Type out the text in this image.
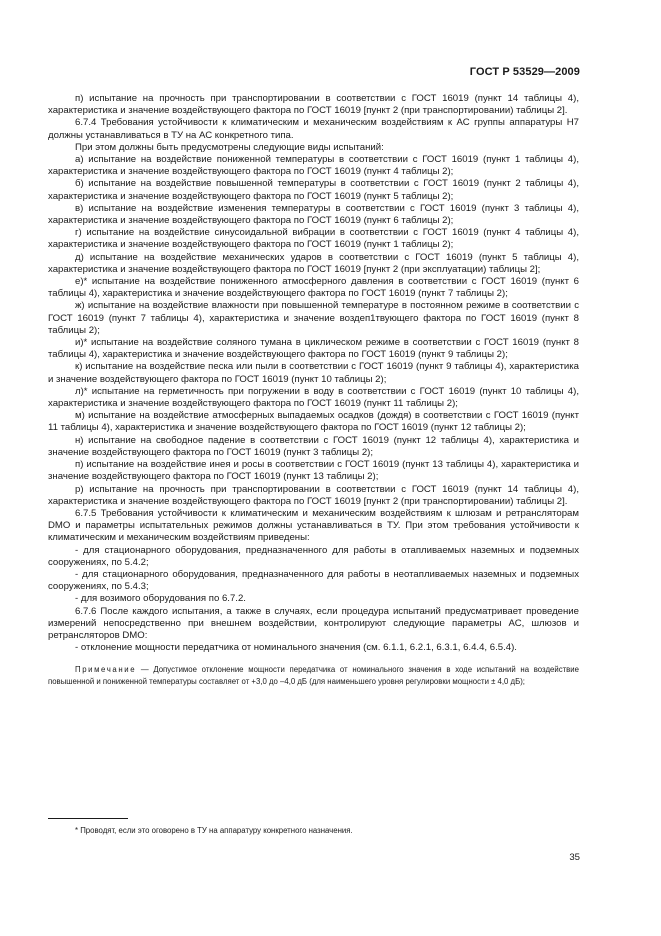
ГОСТ Р 53529—2009

п) испытание на прочность при транспортировании в соответствии с ГОСТ 16019 (пункт 14 таблицы 4), характеристика и значение воздействующего фактора по ГОСТ 16019 [пункт 2 (при транспортировании) таблицы 2].

6.7.4 Требования устойчивости к климатическим и механическим воздействиям к АС группы аппаратуры Н7 должны устанавливаться в ТУ на АС конкретного типа.

При этом должны быть предусмотрены следующие виды испытаний:

а) испытание на воздействие пониженной температуры в соответствии с ГОСТ 16019 (пункт 1 таблицы 4), характеристика и значение воздействующего фактора по ГОСТ 16019 (пункт 4 таблицы 2);

б) испытание на воздействие повышенной температуры в соответствии с ГОСТ 16019 (пункт 2 таблицы 4), характеристика и значение воздействующего фактора по ГОСТ 16019 (пункт 5 таблицы 2);

в) испытание на воздействие изменения температуры в соответствии с ГОСТ 16019 (пункт 3 таблицы 4), характеристика и значение воздействующего фактора по ГОСТ 16019 (пункт 6 таблицы 2);

г) испытание на воздействие синусоидальной вибрации в соответствии с ГОСТ 16019 (пункт 4 таблицы 4), характеристика и значение воздействующего фактора по ГОСТ 16019 (пункт 1 таблицы 2);

д) испытание на воздействие механических ударов в соответствии с ГОСТ 16019 (пункт 5 таблицы 4), характеристика и значение воздействующего фактора по ГОСТ 16019 [пункт 2 (при эксплуатации) таблицы 2];

е)* испытание на воздействие пониженного атмосферного давления в соответствии с ГОСТ 16019 (пункт 6 таблицы 4), характеристика и значение воздействующего фактора по ГОСТ 16019 (пункт 7 таблицы 2);

ж) испытание на воздействие влажности при повышенной температуре в постоянном режиме в соответствии с ГОСТ 16019 (пункт 7 таблицы 4), характеристика и значение воздеп1твующего фактора по ГОСТ 16019 (пункт 8 таблицы 2);

и)* испытание на воздействие соляного тумана в циклическом режиме в соответствии с ГОСТ 16019 (пункт 8 таблицы 4), характеристика и значение воздействующего фактора по ГОСТ 16019 (пункт 9 таблицы 2);

к) испытание на воздействие песка или пыли в соответствии с ГОСТ 16019 (пункт 9 таблицы 4), характеристика и значение воздействующего фактора по ГОСТ 16019 (пункт 10 таблицы 2);

л)* испытание на герметичность при погружении в воду в соответствии с ГОСТ 16019 (пункт 10 таблицы 4), характеристика и значение воздействующего фактора по ГОСТ 16019 (пункт 11 таблицы 2);

м) испытание на воздействие атмосферных выпадаемых осадков (дождя) в соответствии с ГОСТ 16019 (пункт 11 таблицы 4), характеристика и значение воздействующего фактора по ГОСТ 16019 (пункт 12 таблицы 2);

н) испытание на свободное падение в соответствии с ГОСТ 16019 (пункт 12 таблицы 4), характеристика и значение воздействующего фактора по ГОСТ 16019 (пункт 3 таблицы 2);

п) испытание на воздействие инея и росы в соответствии с ГОСТ 16019 (пункт 13 таблицы 4), характеристика и значение воздействующего фактора по ГОСТ 16019 (пункт 13 таблицы 2);

р) испытание на прочность при транспортировании в соответствии с ГОСТ 16019 (пункт 14 таблицы 4), характеристика и значение воздействующего фактора по ГОСТ 16019 [пункт 2 (при транспортировании) таблицы 2].

6.7.5 Требования устойчивости к климатическим и механическим воздействиям к шлюзам и ретрансляторам DMO и параметры испытательных режимов должны устанавливаться в ТУ. При этом требования устойчивости к климатическим и механическим воздействиям приведены:

- для стационарного оборудования, предназначенного для работы в отапливаемых наземных и подземных сооружениях, по 5.4.2;

- для стационарного оборудования, предназначенного для работы в неотапливаемых наземных и подземных сооружениях, по 5.4.3;

- для возимого оборудования по 6.7.2.

6.7.6 После каждого испытания, а также в случаях, если процедура испытаний предусматривает проведение измерений непосредственно при внешнем воздействии, контролируют следующие параметры АС, шлюзов и ретрансляторов DMO:

- отклонение мощности передатчика от номинального значения (см. 6.1.1, 6.2.1, 6.3.1, 6.4.4, 6.5.4).

Примечание — Допустимое отклонение мощности передатчика от номинального значения в ходе испытаний на воздействие повышенной и пониженной температуры составляет от +3,0 до –4,0 дБ (для наименьшего уровня регулировки мощности ± 4,0 дБ);

* Проводят, если это оговорено в ТУ на аппаратуру конкретного назначения.
35
